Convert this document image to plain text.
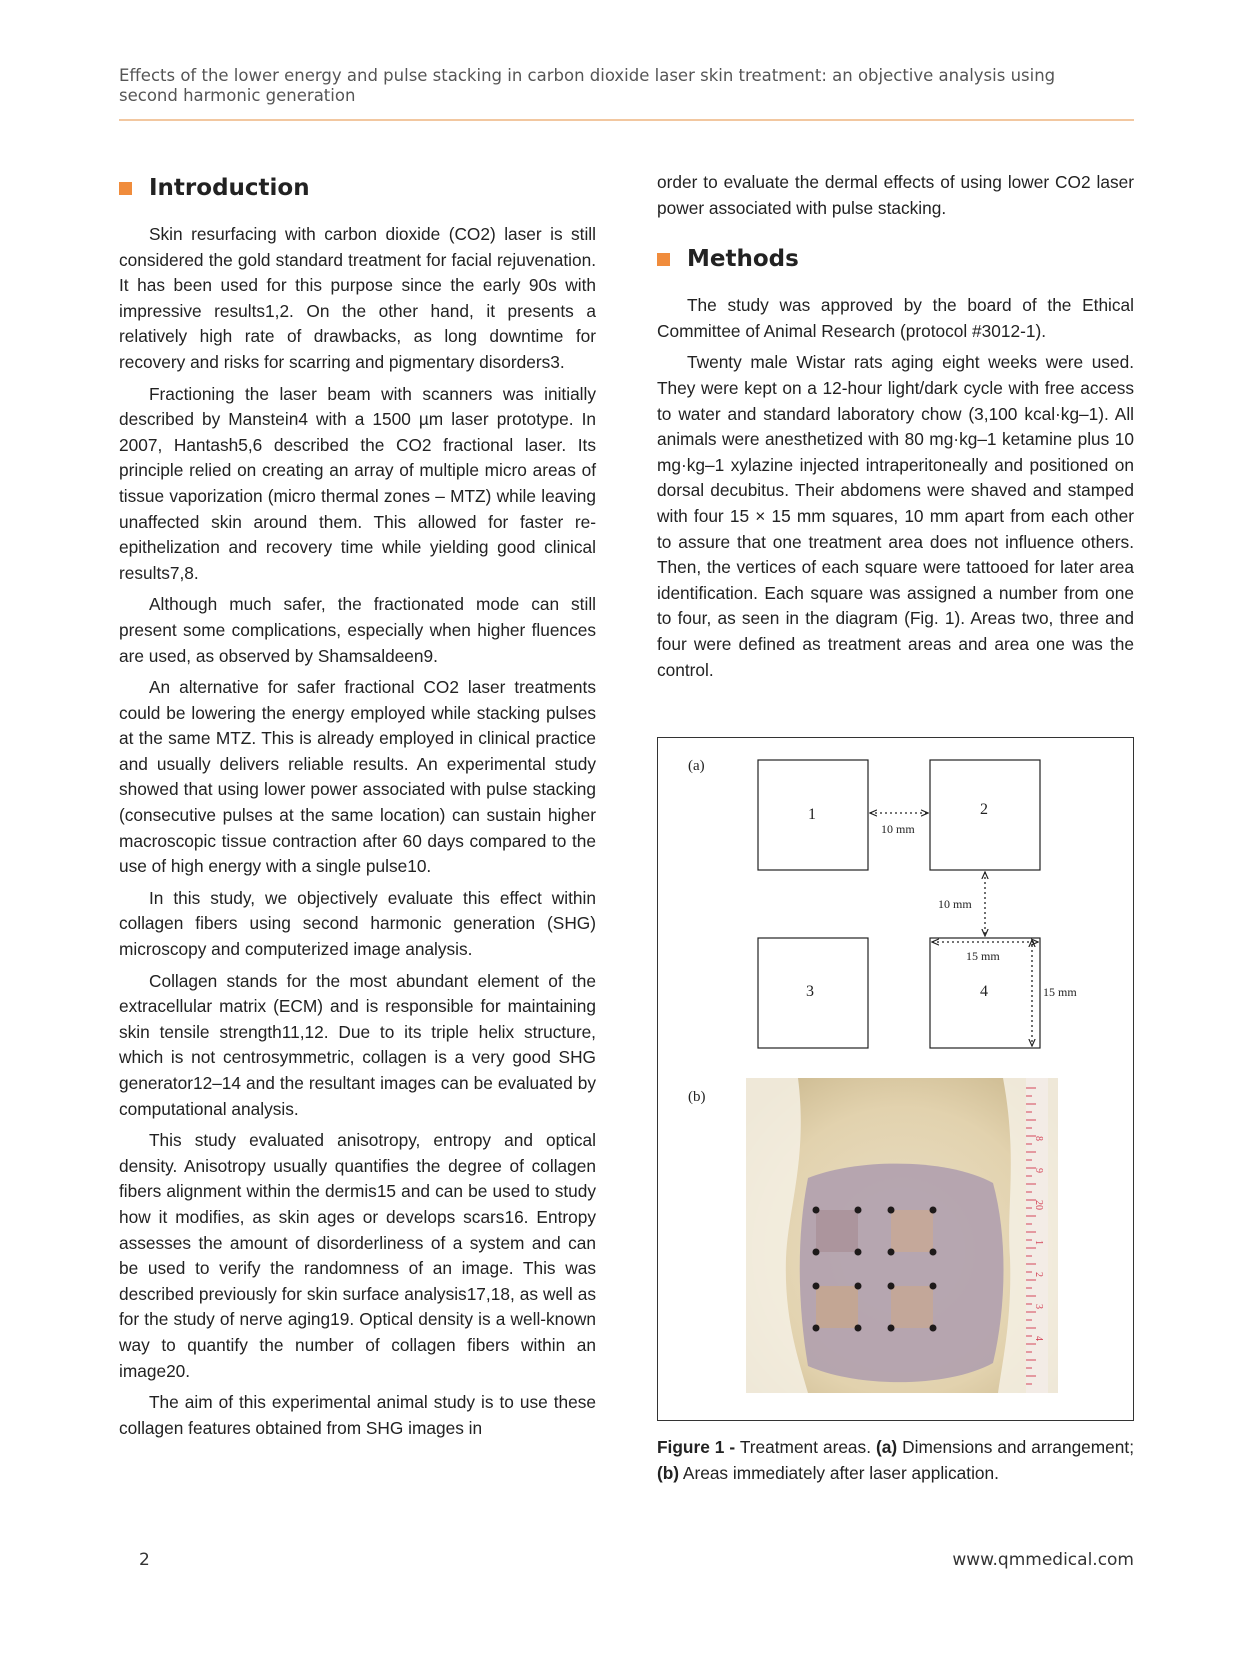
Effects of the lower energy and pulse stacking in carbon dioxide laser skin treatment: an objective analysis using
second harmonic generation
Introduction

Skin resurfacing with carbon dioxide (CO2) laser is still considered the gold standard treatment for facial rejuvenation. It has been used for this purpose since the early 90s with impressive results1,2. On the other hand, it presents a relatively high rate of drawbacks, as long downtime for recovery and risks for scarring and pigmentary disorders3.

Fractioning the laser beam with scanners was initially described by Manstein4 with a 1500 µm laser prototype. In 2007, Hantash5,6 described the CO2 fractional laser. Its principle relied on creating an array of multiple micro areas of tissue vaporization (micro thermal zones – MTZ) while leaving unaffected skin around them. This allowed for faster re-epithelization and recovery time while yielding good clinical results7,8.

Although much safer, the fractionated mode can still present some complications, especially when higher fluences are used, as observed by Shamsaldeen9.

An alternative for safer fractional CO2 laser treatments could be lowering the energy employed while stacking pulses at the same MTZ. This is already employed in clinical practice and usually delivers reliable results. An experimental study showed that using lower power associated with pulse stacking (consecutive pulses at the same location) can sustain higher macroscopic tissue contraction after 60 days compared to the use of high energy with a single pulse10.

In this study, we objectively evaluate this effect within collagen fibers using second harmonic generation (SHG) microscopy and computerized image analysis.

Collagen stands for the most abundant element of the extracellular matrix (ECM) and is responsible for maintaining skin tensile strength11,12. Due to its triple helix structure, which is not centrosymmetric, collagen is a very good SHG generator12–14 and the resultant images can be evaluated by computational analysis.

This study evaluated anisotropy, entropy and optical density. Anisotropy usually quantifies the degree of collagen fibers alignment within the dermis15 and can be used to study how it modifies, as skin ages or develops scars16. Entropy assesses the amount of disorderliness of a system and can be used to verify the randomness of an image. This was described previously for skin surface analysis17,18, as well as for the study of nerve aging19. Optical density is a well-known way to quantify the number of collagen fibers within an image20.

The aim of this experimental animal study is to use these collagen features obtained from SHG images in

order to evaluate the dermal effects of using lower CO2 laser power associated with pulse stacking.

Methods

The study was approved by the board of the Ethical Committee of Animal Research (protocol #3012-1).

Twenty male Wistar rats aging eight weeks were used. They were kept on a 12-hour light/dark cycle with free access to water and standard laboratory chow (3,100 kcal·kg–1). All animals were anesthetized with 80 mg·kg–1 ketamine plus 10 mg·kg–1 xylazine injected intraperitoneally and positioned on dorsal decubitus. Their abdomens were shaved and stamped with four 15 × 15 mm squares, 10 mm apart from each other to assure that one treatment area does not influence others. Then, the vertices of each square were tattooed for later area identification. Each square was assigned a number from one to four, as seen in the diagram (Fig. 1). Areas two, three and four were defined as treatment areas and area one was the control.

(a)
1	2
3	4
10 mm
10 mm
15 mm
15 mm
(b)
8
9
20
1
2
3
4
Figure 1 - Treatment areas. (a) Dimensions and arrangement; (b) Areas immediately after laser application.
2	www.qmmedical.com
